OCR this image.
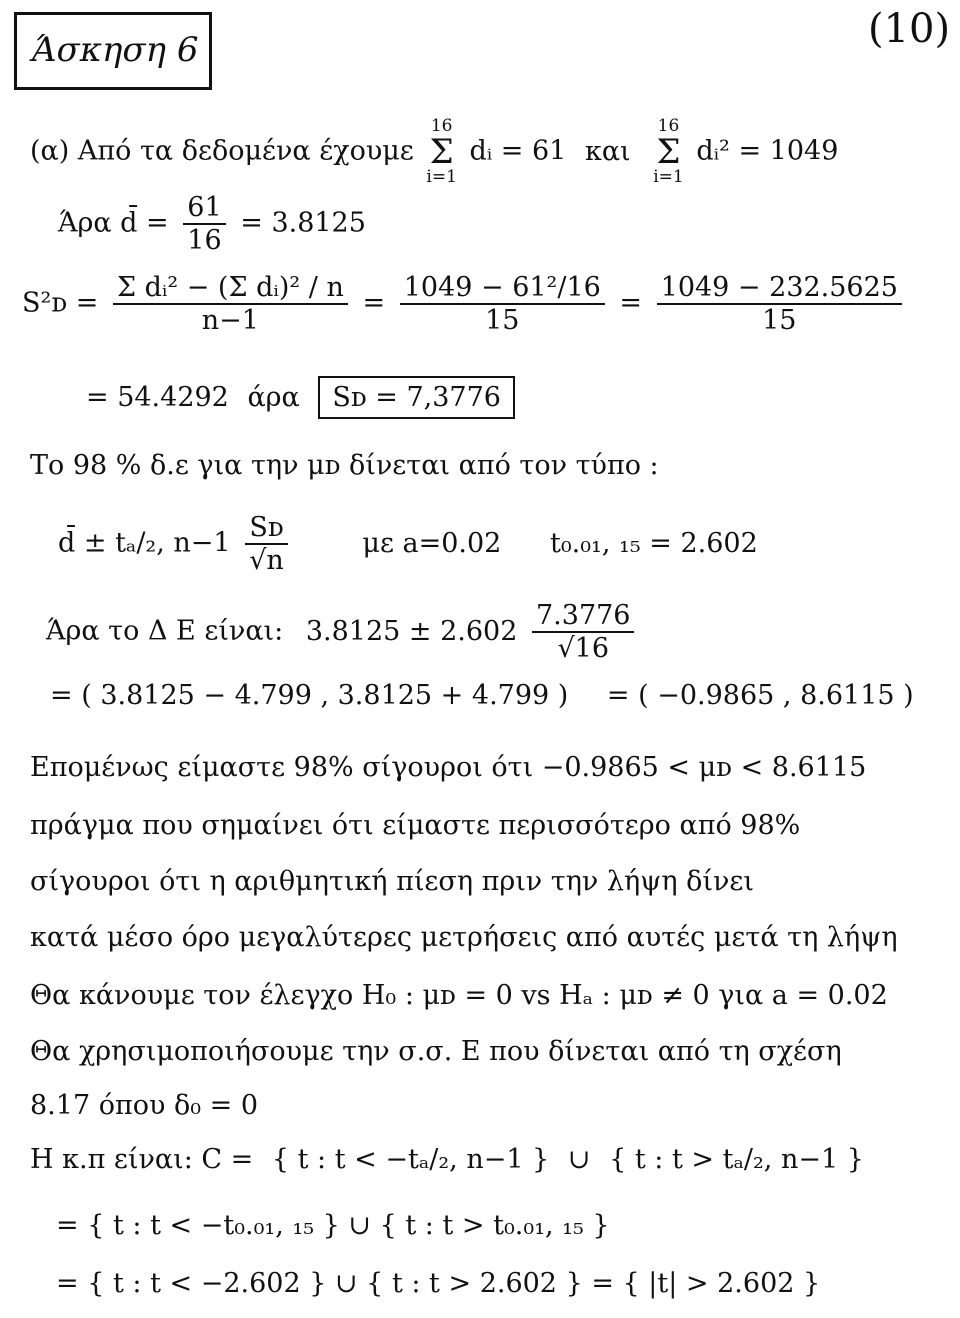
Άσκηση 6	(10)
(α) Από τα δεδομένα έχουμε
16
Σ
i=1
dᵢ = 61 και
16
Σ
i=1
dᵢ² = 1049
Άρα d̄ = $\frac{61}{16} = 3.8125$
S²ᴅ = $\frac{\text{Σ dᵢ² − (Σ dᵢ)² / n}}{n-1} = \frac{\text{1049 − 61²/16}}{15} = \frac{1049 - 232.5625}{15}$
= 54.4292 άρα Sᴅ = 7,3776
Το 98 % δ.ε για την μᴅ δίνεται από τον τύπο :
d̄ ± tₐ/₂, $n-1 \frac{\text{Sᴅ}}{√n}$	με a=0.02 t₀.₀₁, ₁₅ = 2.602
Άρα το Δ Ε είναι: $3.8125 \pm 2.602 \frac{7.3776}{√16}$
= ( 3.8125 − 4.799 , 3.8125 + 4.799 ) = ( −0.9865 , 8.6115 )
Επομένως είμαστε 98% σίγουροι ότι −0.9865 < μᴅ < 8.6115
πράγμα που σημαίνει ότι είμαστε περισσότερο από 98%
σίγουροι ότι η αριθμητική πίεση πριν την λήψη δίνει
κατά μέσο όρο μεγαλύτερες μετρήσεις από αυτές μετά τη λήψη
Θα κάνουμε τον έλεγχο H₀ : μᴅ = 0 vs Hₐ : μᴅ ≠ 0 για a = 0.02
Θα χρησιμοποιήσουμε την σ.σ. Ε που δίνεται από τη σχέση
8.17 όπου δ₀ = 0
Η κ.π είναι: C = { t : t < −tₐ/₂, n−1 } ∪ { t : t > tₐ/₂, n−1 }
= { t : t < −t₀.₀₁, ₁₅ } ∪ { t : t > t₀.₀₁, ₁₅ }
= { t : t < −2.602 } ∪ { t : t > 2.602 } = { |t| > 2.602 }
